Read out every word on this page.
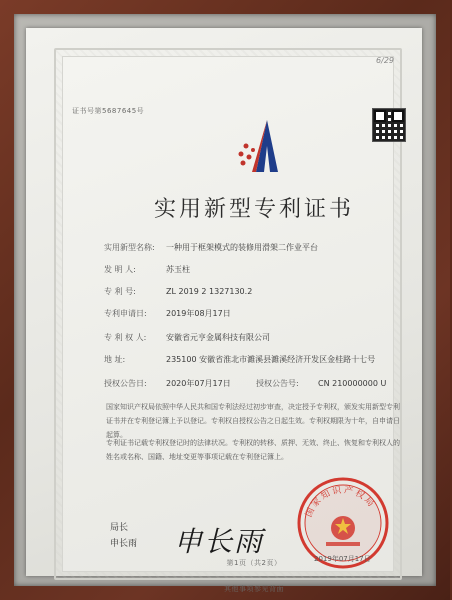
6/29
证书号第5687645号
实用新型专利证书
实用新型名称: 一种用于框架模式的装修用滑架二作业平台
发 明 人:	苏玉柱
专 利 号:	ZL 2019 2 1327130.2
专利申请日: 2019年08月17日
专 利 权 人: 安徽省元亨金属科技有限公司
地 址:	235100 安徽省淮北市濉溪县濉溪经济开发区金桂路十七号
授权公告日: 2020年07月17日	授权公告号: CN 210000000 U
国家知识产权局依照中华人民共和国专利法经过初步审查，决定授予专利权，颁发实用新型专利证书并在专利登记簿上予以登记。专利权自授权公告之日起生效。专利权期限为十年，自申请日起算。
专利证书记载专利权登记时的法律状况。专利权的转移、质押、无效、终止、恢复和专利权人的姓名或名称、国籍、地址变更等事项记载在专利登记簿上。
局长
申长雨 申长雨
国家知识产权局
2019年07月17日
第1页（共2页）
其他事项参见背面
